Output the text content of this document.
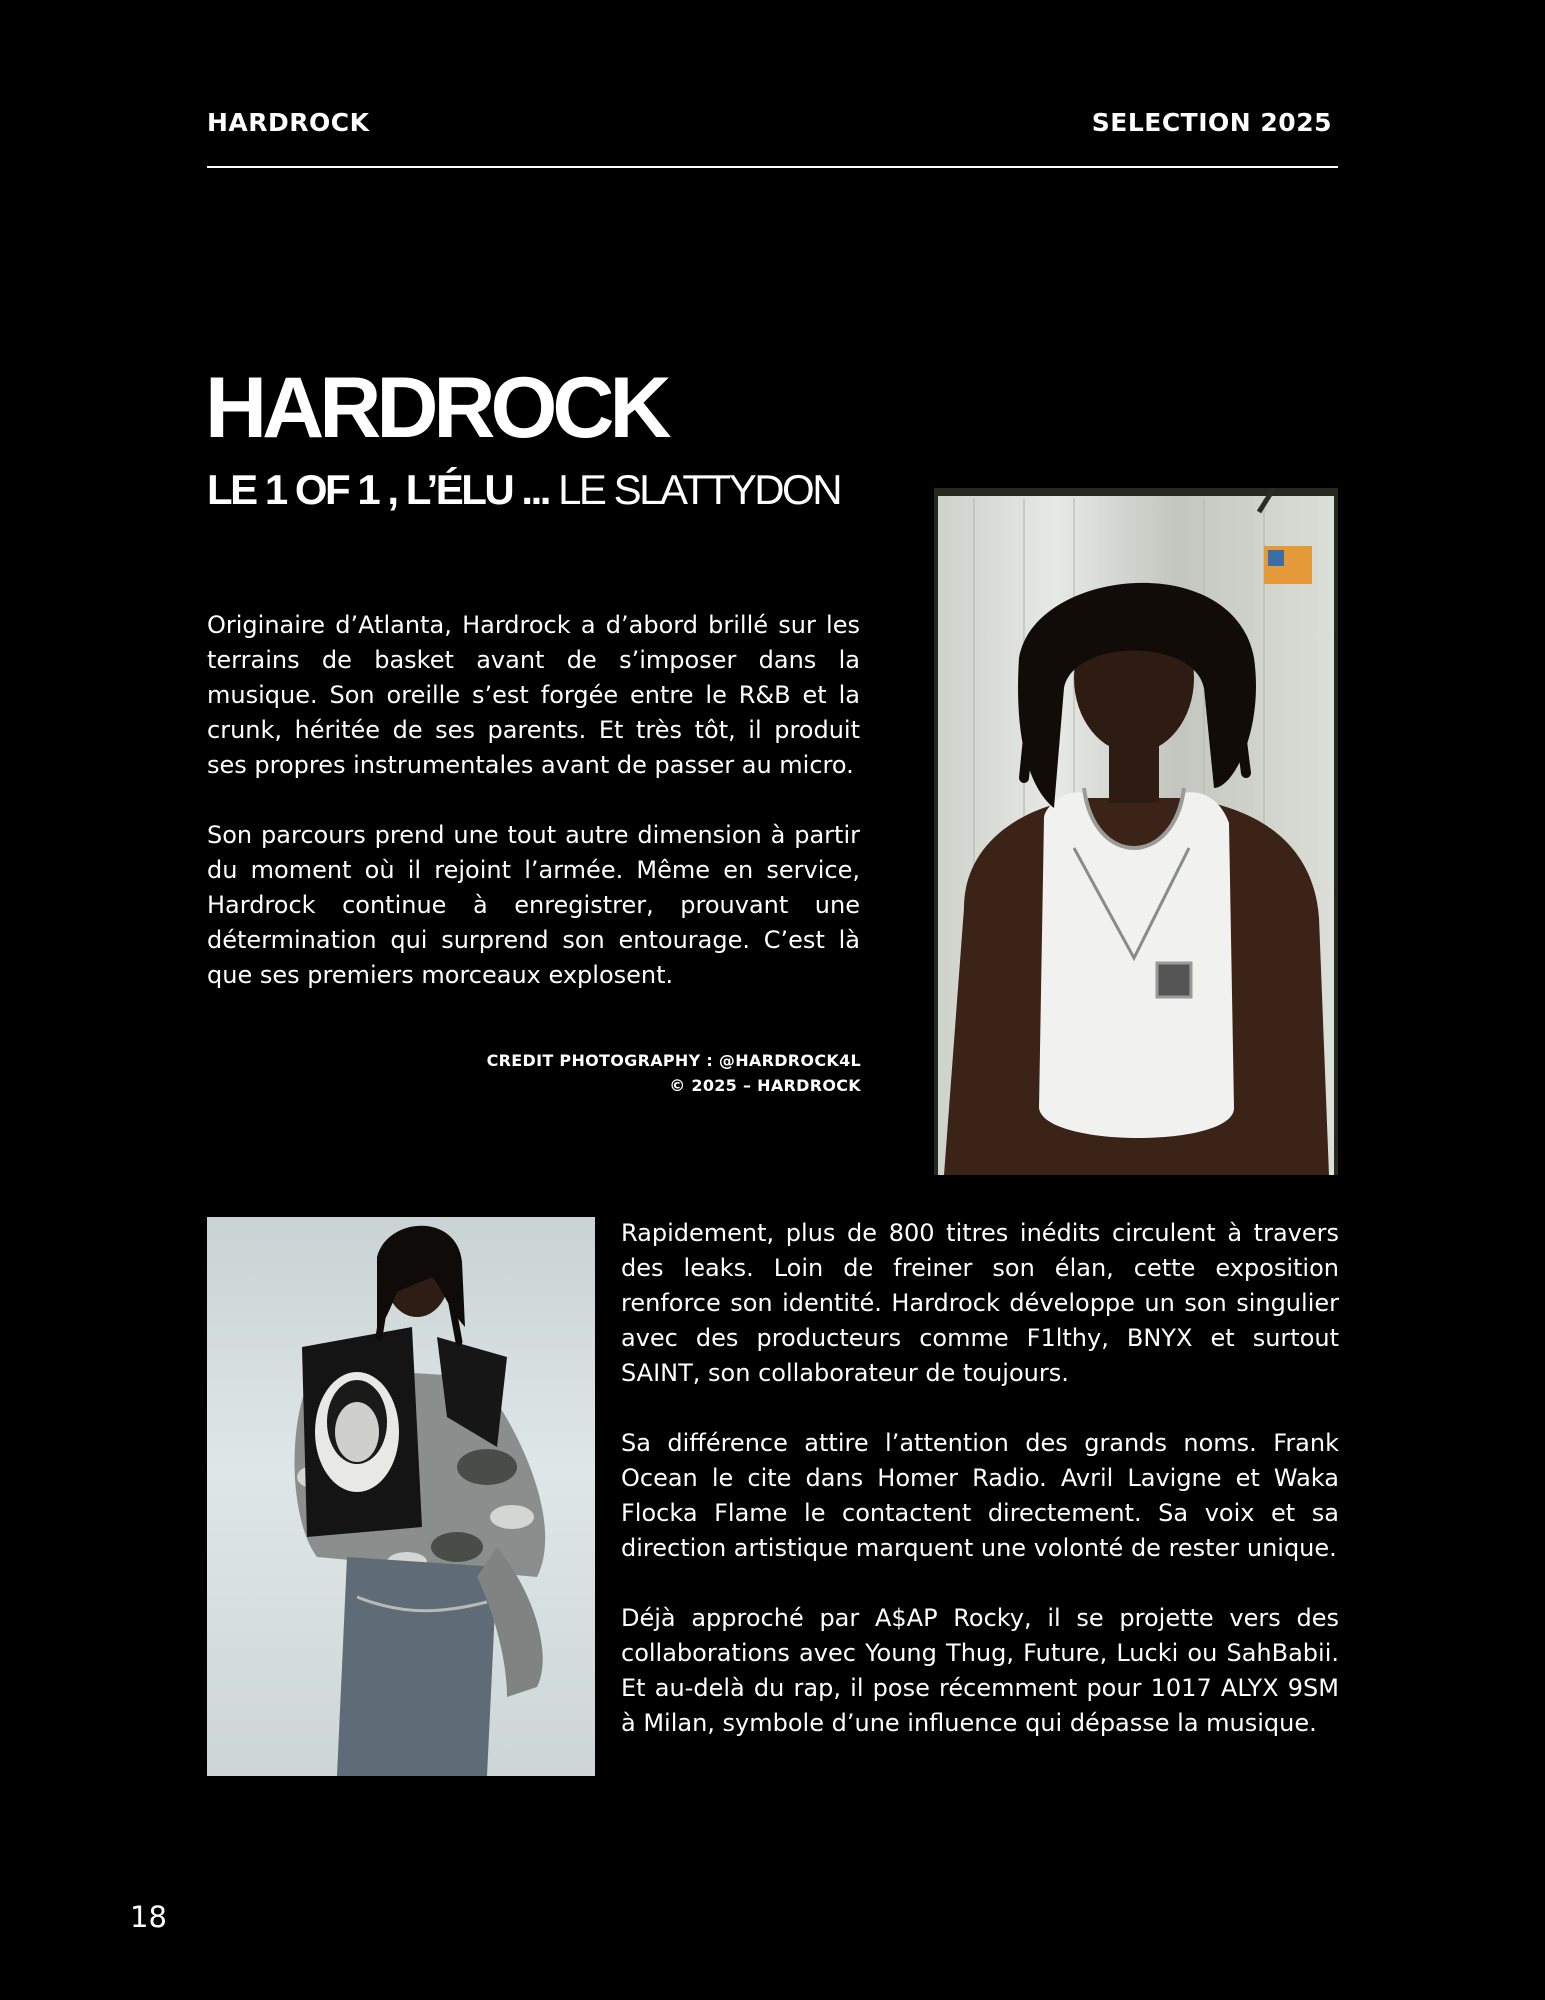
HARDROCK	SELECTION 2025
HARDROCK
LE 1 OF 1 , L’ÉLU ... LE SLATTYDON

Originaire d’Atlanta, Hardrock a d’abord brillé sur les terrains de basket avant de s’imposer dans la musique. Son oreille s’est forgée entre le R&B et la crunk, héritée de ses parents. Et très tôt, il produit ses propres instrumentales avant de passer au micro.

Son parcours prend une tout autre dimension à partir du moment où il rejoint l’armée. Même en service, Hardrock continue à enregistrer, prouvant une détermination qui surprend son entourage. C’est là que ses premiers morceaux explosent.

CREDIT PHOTOGRAPHY : @HARDROCK4L
© 2025 – HARDROCK

Rapidement, plus de 800 titres inédits circulent à travers des leaks. Loin de freiner son élan, cette exposition renforce son identité. Hardrock développe un son singulier avec des producteurs comme F1lthy, BNYX et surtout SAINT, son collaborateur de toujours.

Sa différence attire l’attention des grands noms. Frank Ocean le cite dans Homer Radio. Avril Lavigne et Waka Flocka Flame le contactent directement. Sa voix et sa direction artistique marquent une volonté de rester unique.

Déjà approché par A$AP Rocky, il se projette vers des collaborations avec Young Thug, Future, Lucki ou SahBabii. Et au-delà du rap, il pose récemment pour 1017 ALYX 9SM à Milan, symbole d’une influence qui dépasse la musique.

18
